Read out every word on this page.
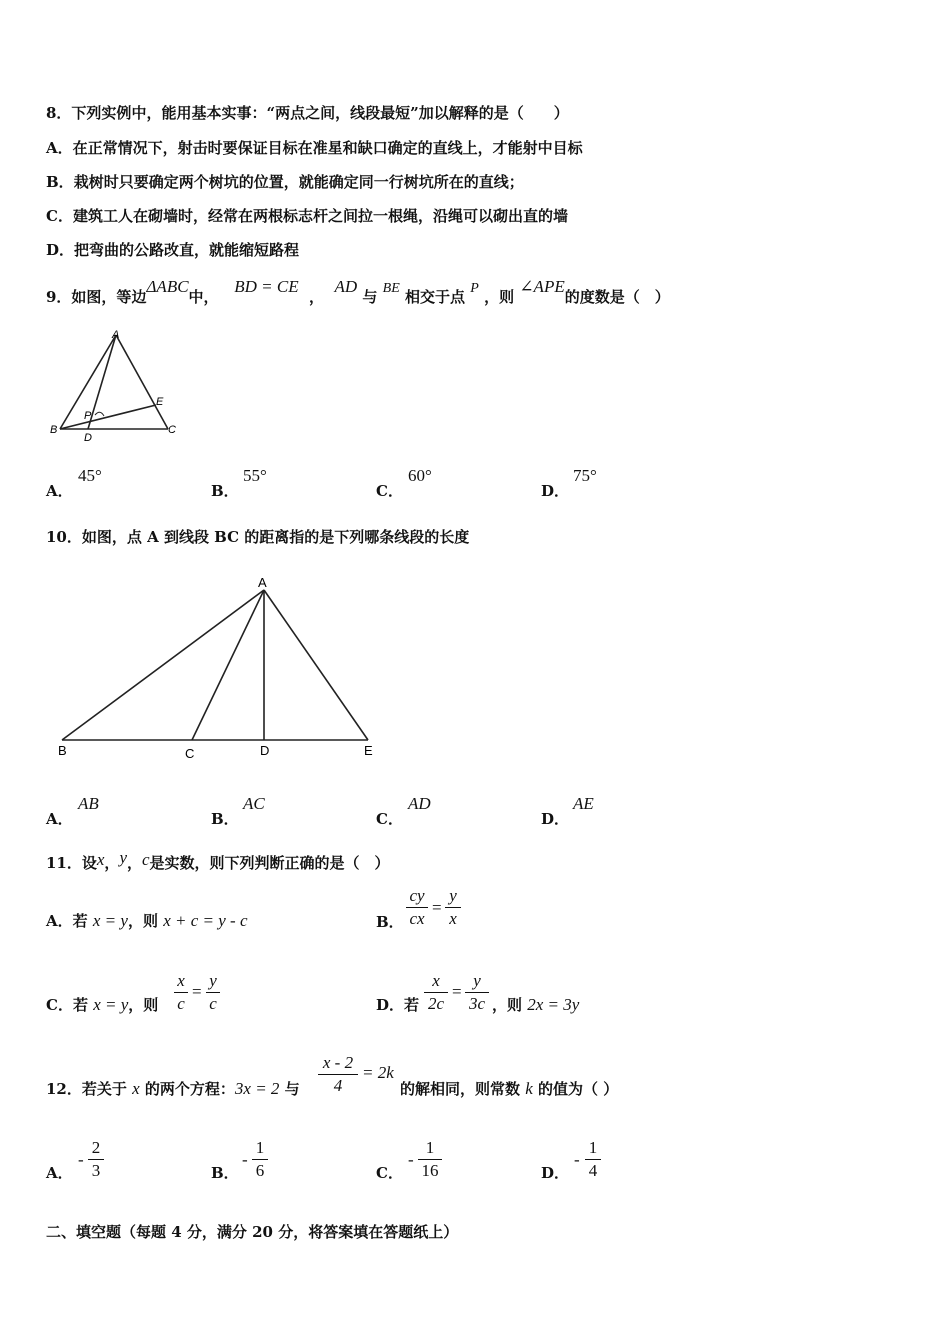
8．下列实例中，能用基本实事：“两点之间，线段最短”加以解释的是（　　）
A．在正常情况下，射击时要保证目标在准星和缺口确定的直线上，才能射中目标
B．栽树时只要确定两个树坑的位置，就能确定同一行树坑所在的直线；
C．建筑工人在砌墙时，经常在两根标志杆之间拉一根绳，沿绳可以砌出直的墙
D．把弯曲的公路改直，就能缩短路程
9．如图，等边ΔABC中，   BD = CE  ，  AD 与 BE 相交于点 P ，则 ∠APE的度数是（　）
A
B	C
D
E
P
A．
45°
B．
55°
C．
60°
D．
75°
10．如图，点 A 到线段 BC 的距离指的是下列哪条线段的长度
A
B	C	D	E
A．
AB
B．
AC
C．
AD
D．
AE
11．设x，y，c是实数，则下列判断正确的是（　）
A．若 x = y，则 x + c = y - c	B．
cy
cx
=
y
x
C．若 x = y，则
x
c
=
y
c	D．若
x
2c
=
y
3c ，则 2x = 3y
12．若关于 x 的两个方程：3x = 2 与
x - 2
4
= 2k
的解相同，则常数 k 的值为（ ）
A．
-
2
3	B．
-
1
6	C．
-
1
16	D．
-
1
4
二、填空题（每题 4 分，满分 20 分，将答案填在答题纸上）
